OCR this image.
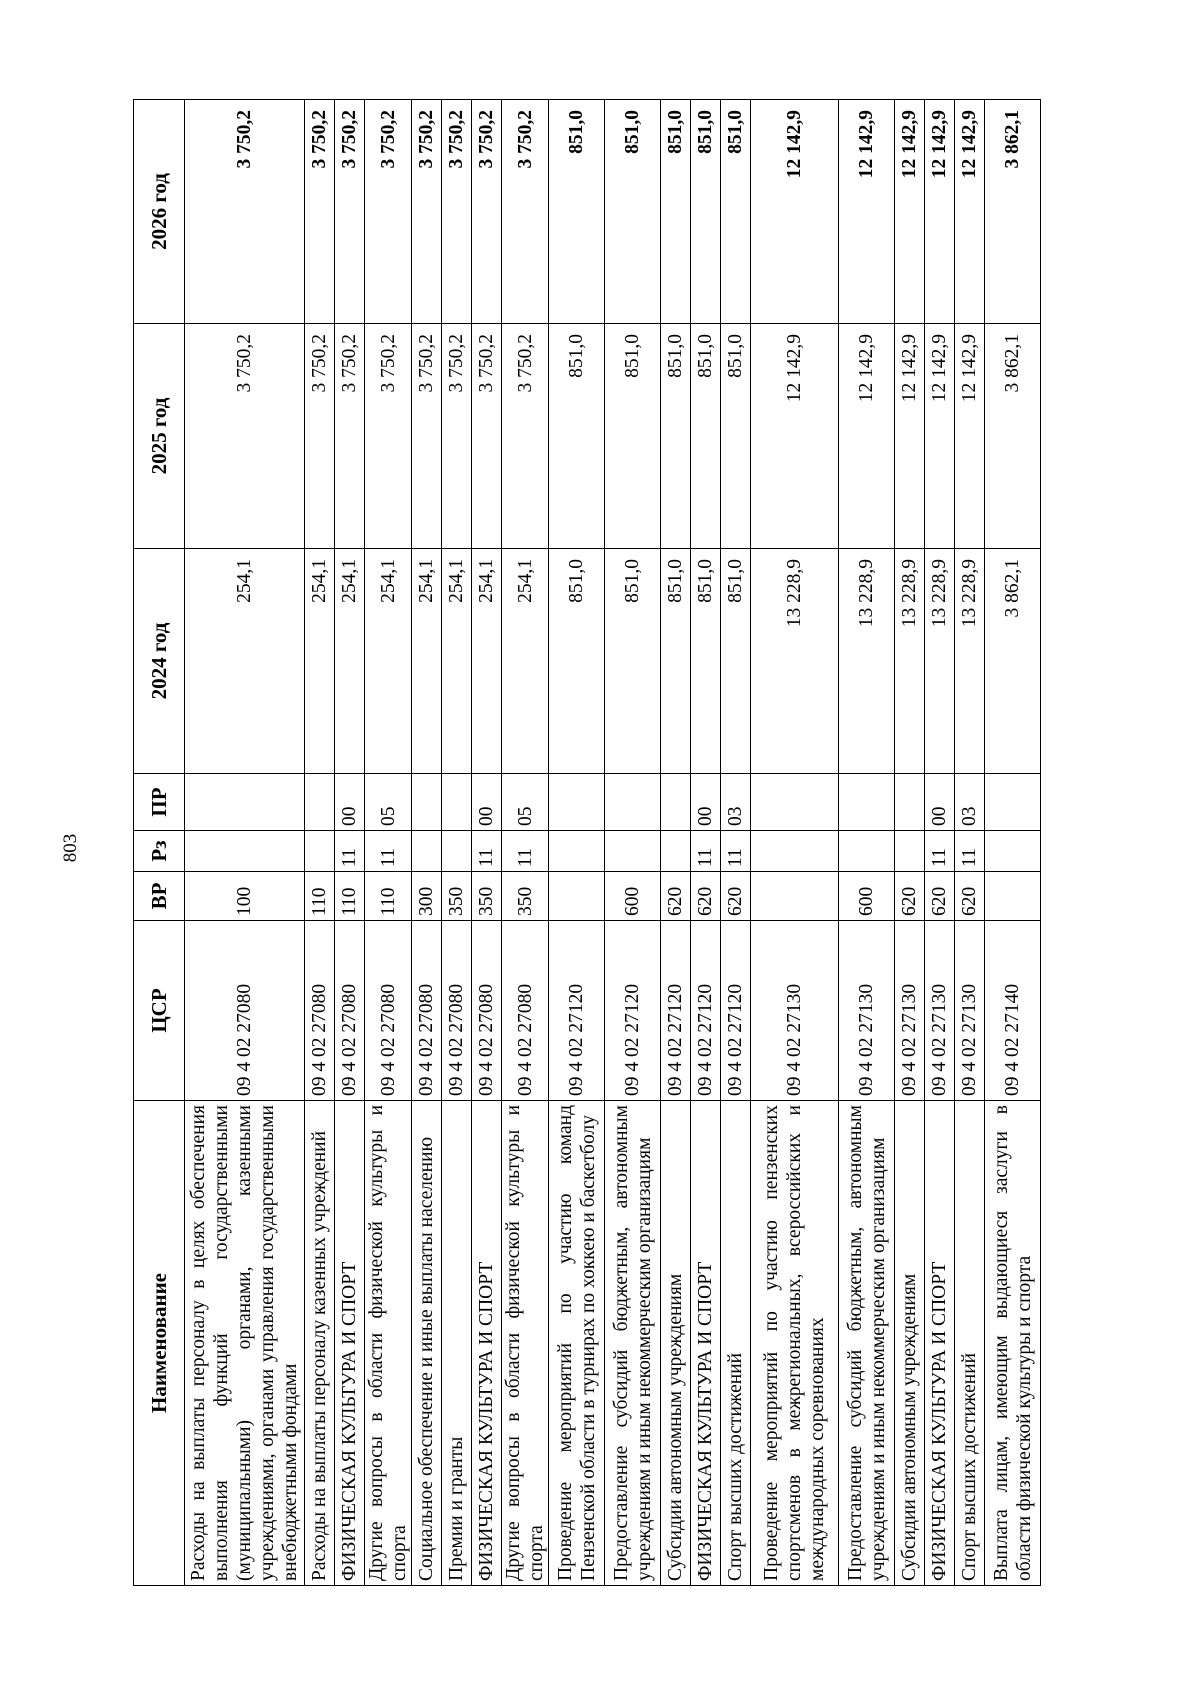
803
Наименование	ЦСР	ВР	Рз	ПР	2024 год	2025 год	2026 год
Расходы на выплаты персоналу в целях обеспечения выполнения функций государственными (муниципальными) органами, казенными учреждениями, органами управления государственными внебюджетными фондами	09 4 02 27080	100			254,1	3 750,2	3 750,2
Расходы на выплаты персоналу казенных учреждений	09 4 02 27080	110			254,1	3 750,2	3 750,2
ФИЗИЧЕСКАЯ КУЛЬТУРА И СПОРТ	09 4 02 27080	110	11	00	254,1	3 750,2	3 750,2
Другие вопросы в области физической культуры и спорта	09 4 02 27080	110	11	05	254,1	3 750,2	3 750,2
Социальное обеспечение и иные выплаты населению	09 4 02 27080	300			254,1	3 750,2	3 750,2
Премии и гранты	09 4 02 27080	350			254,1	3 750,2	3 750,2
ФИЗИЧЕСКАЯ КУЛЬТУРА И СПОРТ	09 4 02 27080	350	11	00	254,1	3 750,2	3 750,2
Другие вопросы в области физической культуры и спорта	09 4 02 27080	350	11	05	254,1	3 750,2	3 750,2
Проведение мероприятий по участию команд Пензенской области в турнирах по хоккею и баскетболу	09 4 02 27120				851,0	851,0	851,0
Предоставление субсидий бюджетным, автономным учреждениям и иным некоммерческим организациям	09 4 02 27120	600			851,0	851,0	851,0
Субсидии автономным учреждениям	09 4 02 27120	620			851,0	851,0	851,0
ФИЗИЧЕСКАЯ КУЛЬТУРА И СПОРТ	09 4 02 27120	620	11	00	851,0	851,0	851,0
Спорт высших достижений	09 4 02 27120	620	11	03	851,0	851,0	851,0
Проведение мероприятий по участию пензенских спортсменов в межрегиональных, всероссийских и международных соревнованиях	09 4 02 27130				13 228,9	12 142,9	12 142,9
Предоставление субсидий бюджетным, автономным учреждениям и иным некоммерческим организациям	09 4 02 27130	600			13 228,9	12 142,9	12 142,9
Субсидии автономным учреждениям	09 4 02 27130	620			13 228,9	12 142,9	12 142,9
ФИЗИЧЕСКАЯ КУЛЬТУРА И СПОРТ	09 4 02 27130	620	11	00	13 228,9	12 142,9	12 142,9
Спорт высших достижений	09 4 02 27130	620	11	03	13 228,9	12 142,9	12 142,9
Выплата лицам, имеющим выдающиеся заслуги в области физической культуры и спорта	09 4 02 27140				3 862,1	3 862,1	3 862,1
